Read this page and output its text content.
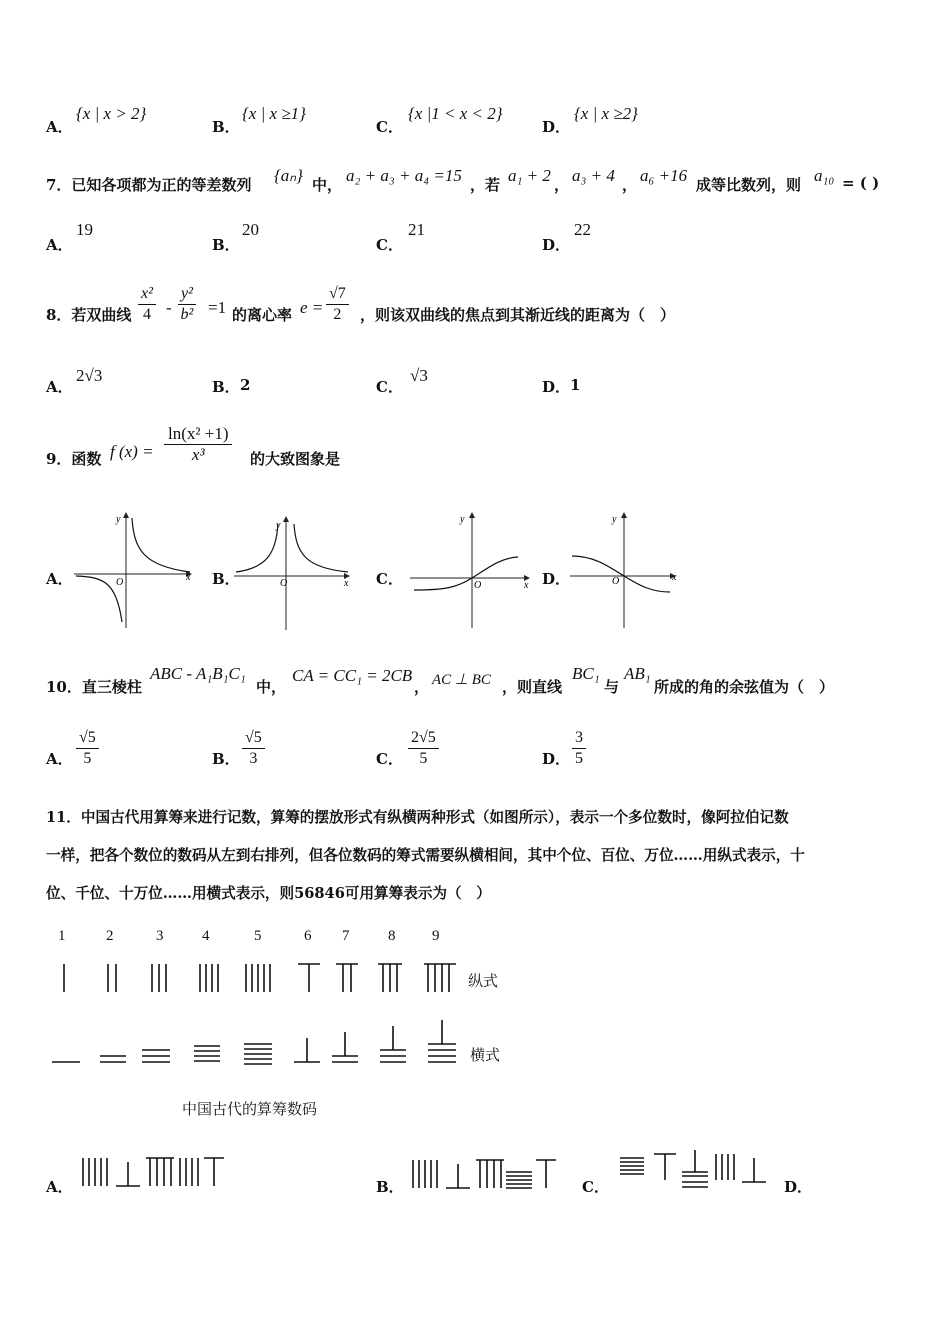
A．
{x | x > 2}
B．
{x | x ≥1}
C．
{x |1 < x < 2}
D．
{x | x ≥2}
7．已知各项都为正的等差数列 {aₙ} 中， a₂ + a₃ + a₄ =15 ，若 a₁ + 2 ， a₃ + 4 ， a₆ +16 成等比数列，则 a₁₀ = ( )
A．
19
B．
20
C．
21
D．
22
8．若双曲线 $\frac{\text{x²}}{4} - \frac{\text{y²}}{\text{b²}} =1$ 的离心率 $e = \frac{√7}{2}$ ，则该双曲线的焦点到其渐近线的距离为（　）
A．
2√3
B． 2	C．
√3
D． 1
9．函数 f $(x) = \frac{\text{ln(x² +1)}}{\text{x³}}$ 的大致图象是
A．	B．	C．	D．
y
x
O
y
x
O
y
x
O
y
x
O
10．直三棱柱
ABC - A₁B₁C₁
中，
CA = CC₁ = 2CB
， AC ⊥ BC ，则直线
BC₁
与
AB₁
所成的角的余弦值为（　）
A． $\frac{√5}{5}$	B． $\frac{√5}{3}$	C． $\frac{2√5}{5}$	D． $\frac{3}{5}$
11．中国古代用算筹来进行记数，算筹的摆放形式有纵横两种形式（如图所示），表示一个多位数时，像阿拉伯记数
一样，把各个数位的数码从左到右排列，但各位数码的筹式需要纵横相间，其中个位、百位、万位……用纵式表示，十
位、千位、十万位……用横式表示，则56846可用算筹表示为（　）
1	2	3	4	5	6 7	8 9
纵式
横式
中国古代的算筹数码
A．	B．	C．	D．
